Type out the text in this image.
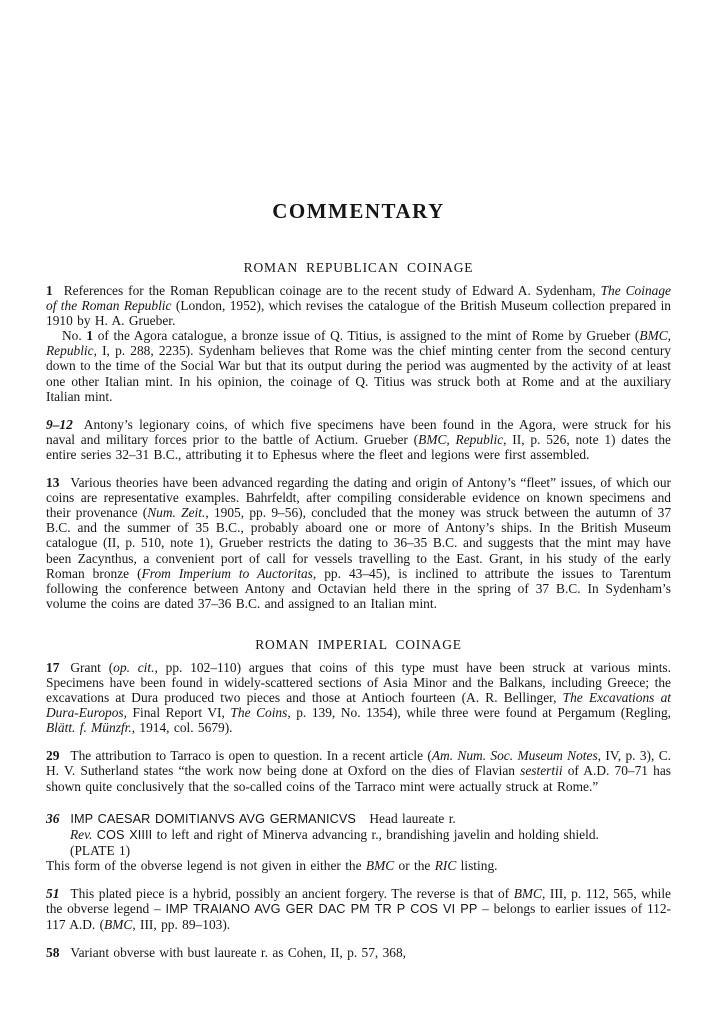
COMMENTARY
ROMAN REPUBLICAN COINAGE

1 References for the Roman Republican coinage are to the recent study of Edward A. Sydenham, The Coinage of the Roman Republic (London, 1952), which revises the catalogue of the British Museum collection prepared in 1910 by H. A. Grueber.

No. 1 of the Agora catalogue, a bronze issue of Q. Titius, is assigned to the mint of Rome by Grueber (BMC, Republic, I, p. 288, 2235). Sydenham believes that Rome was the chief minting center from the second century down to the time of the Social War but that its output during the period was augmented by the activity of at least one other Italian mint. In his opinion, the coinage of Q. Titius was struck both at Rome and at the auxiliary Italian mint.

9–12 Antony’s legionary coins, of which five specimens have been found in the Agora, were struck for his naval and military forces prior to the battle of Actium. Grueber (BMC, Republic, II, p. 526, note 1) dates the entire series 32–31 B.C., attributing it to Ephesus where the fleet and legions were first assembled.

13 Various theories have been advanced regarding the dating and origin of Antony’s “fleet” issues, of which our coins are representative examples. Bahrfeldt, after compiling considerable evidence on known specimens and their provenance (Num. Zeit., 1905, pp. 9–56), concluded that the money was struck between the autumn of 37 B.C. and the summer of 35 B.C., probably aboard one or more of Antony’s ships. In the British Museum catalogue (II, p. 510, note 1), Grueber restricts the dating to 36–35 B.C. and suggests that the mint may have been Zacynthus, a convenient port of call for vessels travelling to the East. Grant, in his study of the early Roman bronze (From Imperium to Auctoritas, pp. 43–45), is inclined to attribute the issues to Tarentum following the conference between Antony and Octavian held there in the spring of 37 B.C. In Sydenham’s volume the coins are dated 37–36 B.C. and assigned to an Italian mint.

ROMAN IMPERIAL COINAGE

17 Grant (op. cit., pp. 102–110) argues that coins of this type must have been struck at various mints. Specimens have been found in widely-scattered sections of Asia Minor and the Balkans, including Greece; the excavations at Dura produced two pieces and those at Antioch fourteen (A. R. Bellinger, The Excavations at Dura-Europos, Final Report VI, The Coins, p. 139, No. 1354), while three were found at Pergamum (Regling, Blätt. f. Münzfr., 1914, col. 5679).

29 The attribution to Tarraco is open to question. In a recent article (Am. Num. Soc. Museum Notes, IV, p. 3), C. H. V. Sutherland states “the work now being done at Oxford on the dies of Flavian sestertii of A.D. 70–71 has shown quite conclusively that the so-called coins of the Tarraco mint were actually struck at Rome.”

36 IMP CAESAR DOMITIANVS AVG GERMANICVS   Head laureate r.

Rev. COS XIIII to left and right of Minerva advancing r., brandishing javelin and holding shield.

(PLATE 1)

This form of the obverse legend is not given in either the BMC or the RIC listing.

51 This plated piece is a hybrid, possibly an ancient forgery. The reverse is that of BMC, III, p. 112, 565, while the obverse legend – IMP TRAIANO AVG GER DAC PM TR P COS VI PP – belongs to earlier issues of 112-117 A.D. (BMC, III, pp. 89–103).

58 Variant obverse with bust laureate r. as Cohen, II, p. 57, 368,
